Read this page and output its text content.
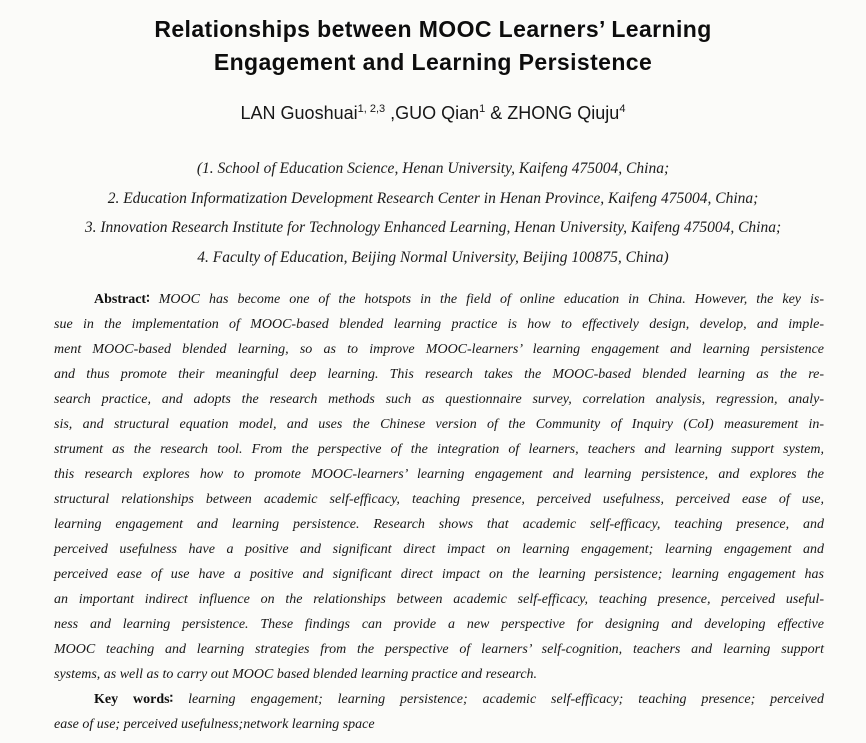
Relationships between MOOC Learners’ Learning
Engagement and Learning Persistence
LAN Guoshuai$^{1, 2,3}$ ,GUO Qian$^1$ & ZHONG Qiuju$^4$
(1. School of Education Science, Henan University, Kaifeng 475004, China;
2. Education Informatization Development Research Center in Henan Province, Kaifeng 475004, China;
3. Innovation Research Institute for Technology Enhanced Learning, Henan University, Kaifeng 475004, China;
4. Faculty of Education, Beijing Normal University, Beijing 100875, China)
Abstract∶ MOOC has become one of the hotspots in the field of online education in China. However, the key is-
sue in the implementation of MOOC-based blended learning practice is how to effectively design, develop, and imple-
ment MOOC-based blended learning, so as to improve MOOC-learners’ learning engagement and learning persistence
and thus promote their meaningful deep learning. This research takes the MOOC-based blended learning as the re-
search practice, and adopts the research methods such as questionnaire survey, correlation analysis, regression, analy-
sis, and structural equation model, and uses the Chinese version of the Community of Inquiry (CoI) measurement in-
strument as the research tool. From the perspective of the integration of learners, teachers and learning support system,
this research explores how to promote MOOC-learners’ learning engagement and learning persistence, and explores the
structural relationships between academic self-efficacy, teaching presence, perceived usefulness, perceived ease of use,
learning engagement and learning persistence. Research shows that academic self-efficacy, teaching presence, and
perceived usefulness have a positive and significant direct impact on learning engagement; learning engagement and
perceived ease of use have a positive and significant direct impact on the learning persistence; learning engagement has
an important indirect influence on the relationships between academic self-efficacy, teaching presence, perceived useful-
ness and learning persistence. These findings can provide a new perspective for designing and developing effective
MOOC teaching and learning strategies from the perspective of learners’ self-cognition, teachers and learning support
systems, as well as to carry out MOOC based blended learning practice and research.
Key words∶ learning engagement; learning persistence; academic self-efficacy; teaching presence; perceived
ease of use; perceived usefulness;network learning space
